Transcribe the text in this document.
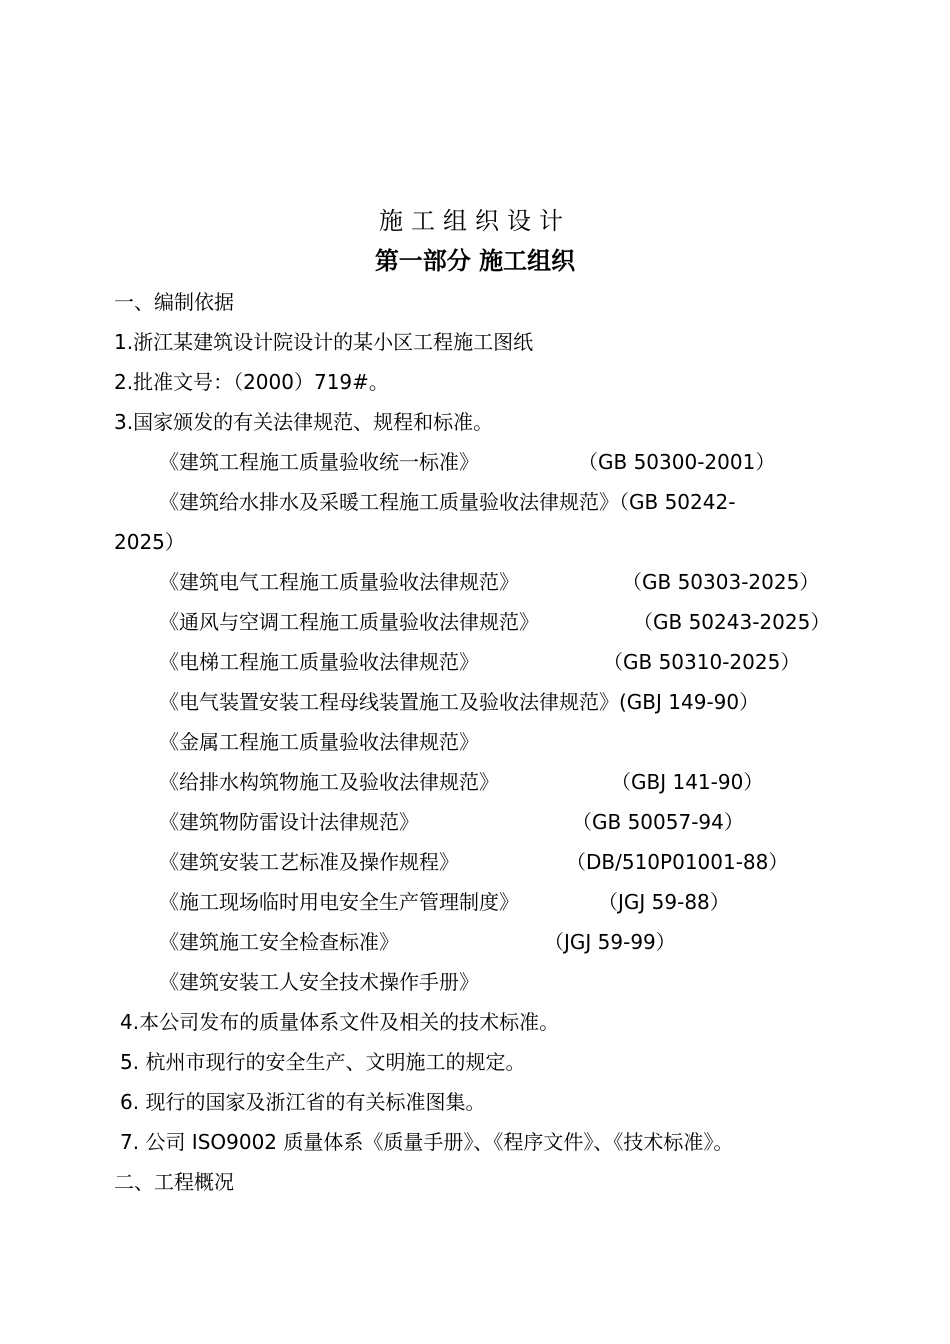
施工组织设计
第一部分 施工组织
一、编制依据
1.浙江某建筑设计院设计的某小区工程施工图纸
2.批准文号：（2000）719#。
3.国家颁发的有关法律规范、规程和标准。
《建筑工程施工质量验收统一标准》	（GB 50300-2001）
《建筑给水排水及采暖工程施工质量验收法律规范》（GB 50242-
2025）
《建筑电气工程施工质量验收法律规范》	（GB 50303-2025）
《通风与空调工程施工质量验收法律规范》	（GB 50243-2025）
《电梯工程施工质量验收法律规范》	（GB 50310-2025）
《电气装置安装工程母线装置施工及验收法律规范》(GBJ 149-90）
《金属工程施工质量验收法律规范》
《给排水构筑物施工及验收法律规范》	（GBJ 141-90）
《建筑物防雷设计法律规范》	（GB 50057-94）
《建筑安装工艺标准及操作规程》	（DB/510P01001-88）
《施工现场临时用电安全生产管理制度》	（JGJ 59-88）
《建筑施工安全检查标准》	（JGJ 59-99）
《建筑安装工人安全技术操作手册》
4.本公司发布的质量体系文件及相关的技术标准。
5. 杭州市现行的安全生产、文明施工的规定。
6. 现行的国家及浙江省的有关标准图集。
7. 公司 ISO9002 质量体系《质量手册》、《程序文件》、《技术标准》。
二、工程概况
